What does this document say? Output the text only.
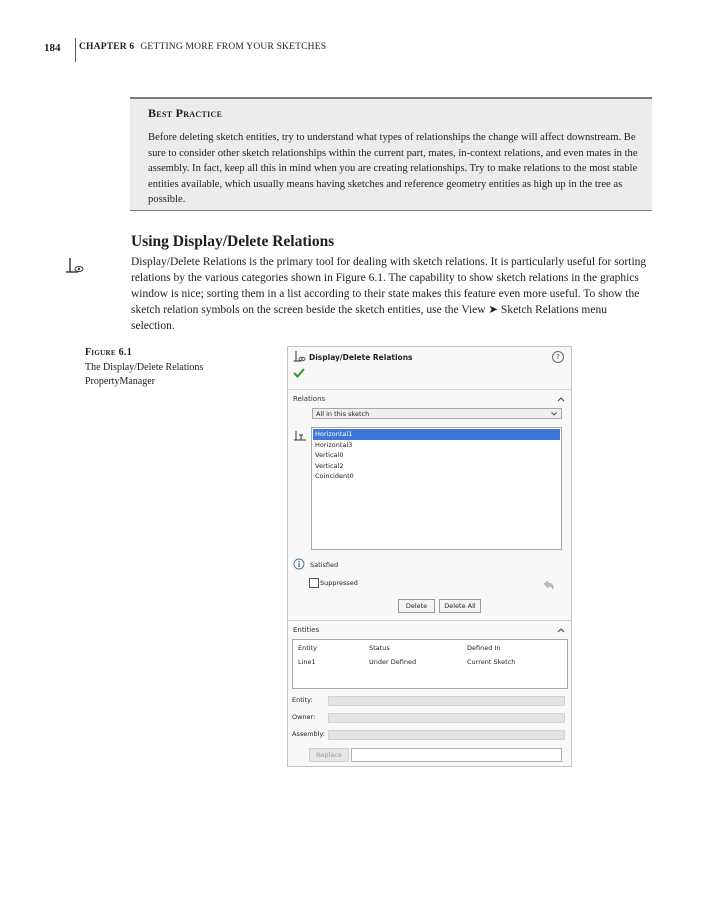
184 CHAPTER 6 GETTING MORE FROM YOUR SKETCHES
Best Practice
Before deleting sketch entities, try to understand what types of relationships the change will affect downstream. Be sure to consider other sketch relationships within the current part, mates, in-context relations, and even mates in the assembly. In fact, keep all this in mind when you are creating relationships. Try to make relations to the most stable entities available, which usually means having sketches and reference geometry entities as high up in the tree as possible.
Using Display/Delete Relations
Display/Delete Relations is the primary tool for dealing with sketch relations. It is particularly useful for sorting relations by the various categories shown in Figure 6.1. The capability to show sketch relations in the graphics window is nice; sorting them in a list according to their state makes this feature even more useful. To show the sketch relation symbols on the screen beside the sketch entities, use the View ➤ Sketch Relations menu selection.
Figure 6.1
The Display/Delete Relations PropertyManager
Display/Delete Relations	?
Relations
All in this sketch
Horizontal1
Horizontal3
Vertical0
Vertical2
Coincident0
Satisfied
Suppressed
Delete	Delete All
Entities
Entity	Status	Defined In
Line1	Under Defined	Current Sketch
Entity:
Owner:
Assembly:
Replace
